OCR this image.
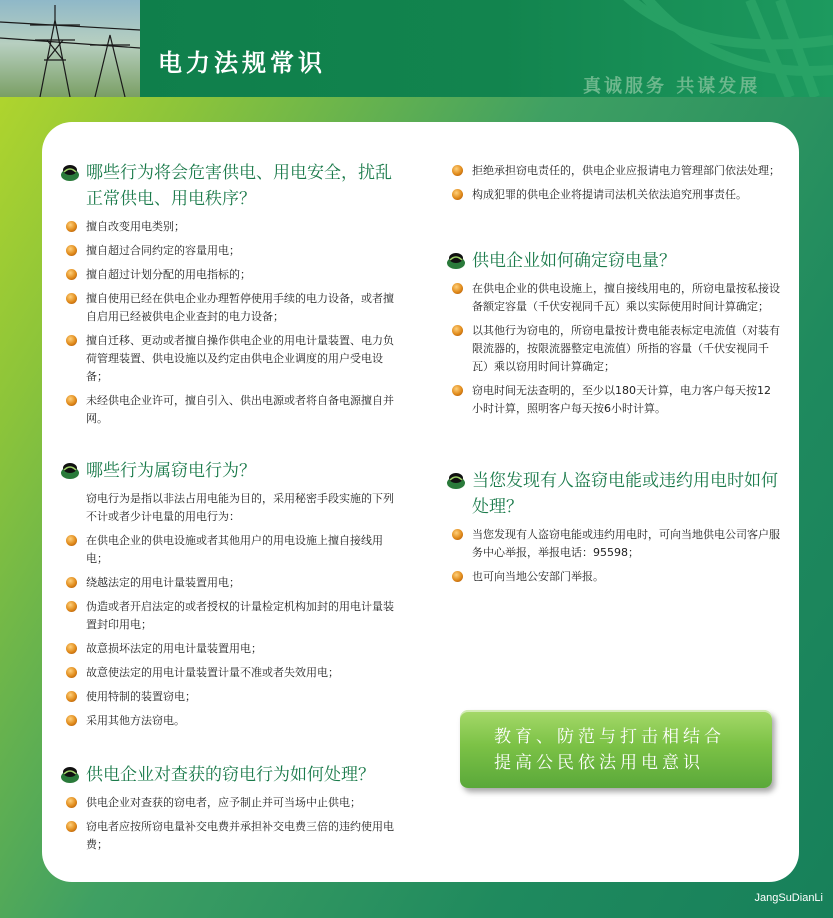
电力法规常识
真诚服务 共谋发展
哪些行为将会危害供电、用电安全，扰乱正常供电、用电秩序？
擅自改变用电类别；
擅自超过合同约定的容量用电；
擅自超过计划分配的用电指标的；
擅自使用已经在供电企业办理暂停使用手续的电力设备，或者擅自启用已经被供电企业查封的电力设备；
擅自迁移、更动或者擅自操作供电企业的用电计量装置、电力负荷管理装置、供电设施以及约定由供电企业调度的用户受电设备；
未经供电企业许可，擅自引入、供出电源或者将自备电源擅自并网。
哪些行为属窃电行为？
窃电行为是指以非法占用电能为目的，采用秘密手段实施的下列不计或者少计电量的用电行为：
在供电企业的供电设施或者其他用户的用电设施上擅自接线用电；
绕越法定的用电计量装置用电；
伪造或者开启法定的或者授权的计量检定机构加封的用电计量装置封印用电；
故意损坏法定的用电计量装置用电；
故意使法定的用电计量装置计量不准或者失效用电；
使用特制的装置窃电；
采用其他方法窃电。
供电企业对查获的窃电行为如何处理？
供电企业对查获的窃电者，应予制止并可当场中止供电；
窃电者应按所窃电量补交电费并承担补交电费三倍的违约使用电费；
拒绝承担窃电责任的，供电企业应报请电力管理部门依法处理；
构成犯罪的供电企业将提请司法机关依法追究刑事责任。
供电企业如何确定窃电量？
在供电企业的供电设施上，擅自接线用电的，所窃电量按私接设备额定容量（千伏安视同千瓦）乘以实际使用时间计算确定；
以其他行为窃电的，所窃电量按计费电能表标定电流值（对装有限流器的，按限流器整定电流值）所指的容量（千伏安视同千瓦）乘以窃用时间计算确定；
窃电时间无法查明的，至少以180天计算，电力客户每天按12小时计算，照明客户每天按6小时计算。
当您发现有人盗窃电能或违约用电时如何处理？
当您发现有人盗窃电能或违约用电时，可向当地供电公司客户服务中心举报，举报电话：95598；
也可向当地公安部门举报。
教育、防范与打击相结合
提高公民依法用电意识
JangSuDianLi
